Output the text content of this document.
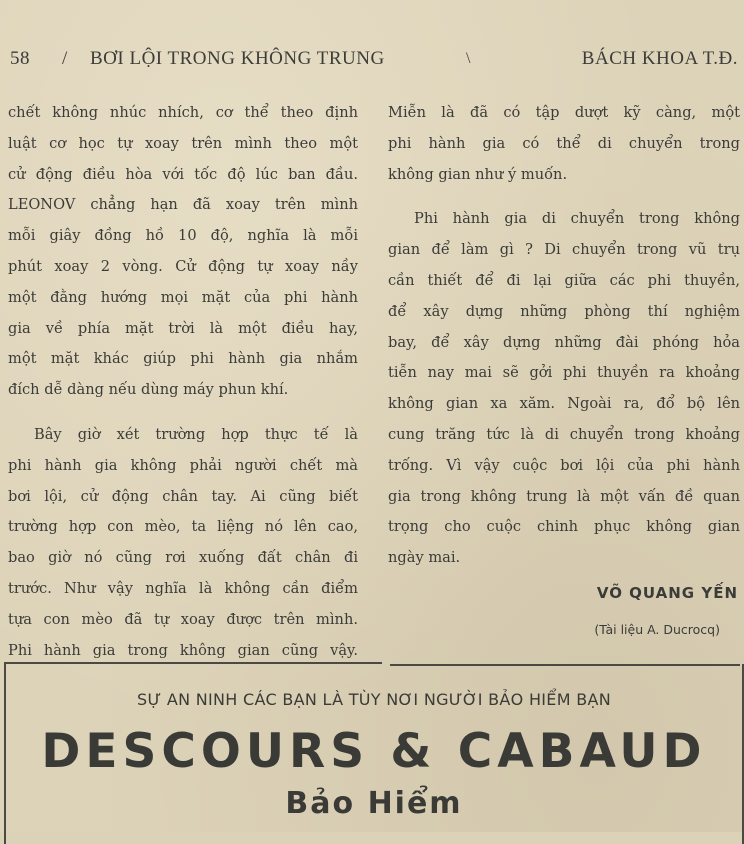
58 / BƠI LỘI TRONG KHÔNG TRUNG	\	BÁCH KHOA T.Đ.
chết không nhúc nhích, cơ thể theo định
luật cơ học tự xoay trên mình theo một
cử động điều hòa với tốc độ lúc ban đầu.
LEONOV chẳng hạn đã xoay trên mình
mỗi giây đồng hồ 10 độ, nghĩa là mỗi
phút xoay 2 vòng. Cử động tự xoay nầy
một đằng hướng mọi mặt của phi hành
gia về phía mặt trời là một điều hay,
một mặt khác giúp phi hành gia nhắm
đích dễ dàng nếu dùng máy phun khí.
Bây giờ xét trường hợp thực tế là
phi hành gia không phải người chết mà
bơi lội, cử động chân tay. Ai cũng biết
trường hợp con mèo, ta liệng nó lên cao,
bao giờ nó cũng rơi xuống đất chân đi
trước. Như vậy nghĩa là không cần điểm
tựa con mèo đã tự xoay được trên mình.
Phi hành gia trong không gian cũng vậy.
Miễn là đã có tập dượt kỹ càng, một
phi hành gia có thể di chuyển trong
không gian như ý muốn.
Phi hành gia di chuyển trong không
gian để làm gì ? Di chuyển trong vũ trụ
cần thiết để đi lại giữa các phi thuyền,
để xây dựng những phòng thí nghiệm
bay, để xây dựng những đài phóng hỏa
tiễn nay mai sẽ gởi phi thuyền ra khoảng
không gian xa xăm. Ngoài ra, đổ bộ lên
cung trăng tức là di chuyển trong khoảng
trống. Vì vậy cuộc bơi lội của phi hành
gia trong không trung là một vấn đề quan
trọng cho cuộc chinh phục không gian
ngày mai.
VÕ QUANG YẾN
(Tài liệu A. Ducrocq)
SỰ AN NINH CÁC BẠN LÀ TÙY NƠI NGƯỜI BẢO HIỂM BẠN
DESCOURS & CABAUD
Bảo Hiểm
